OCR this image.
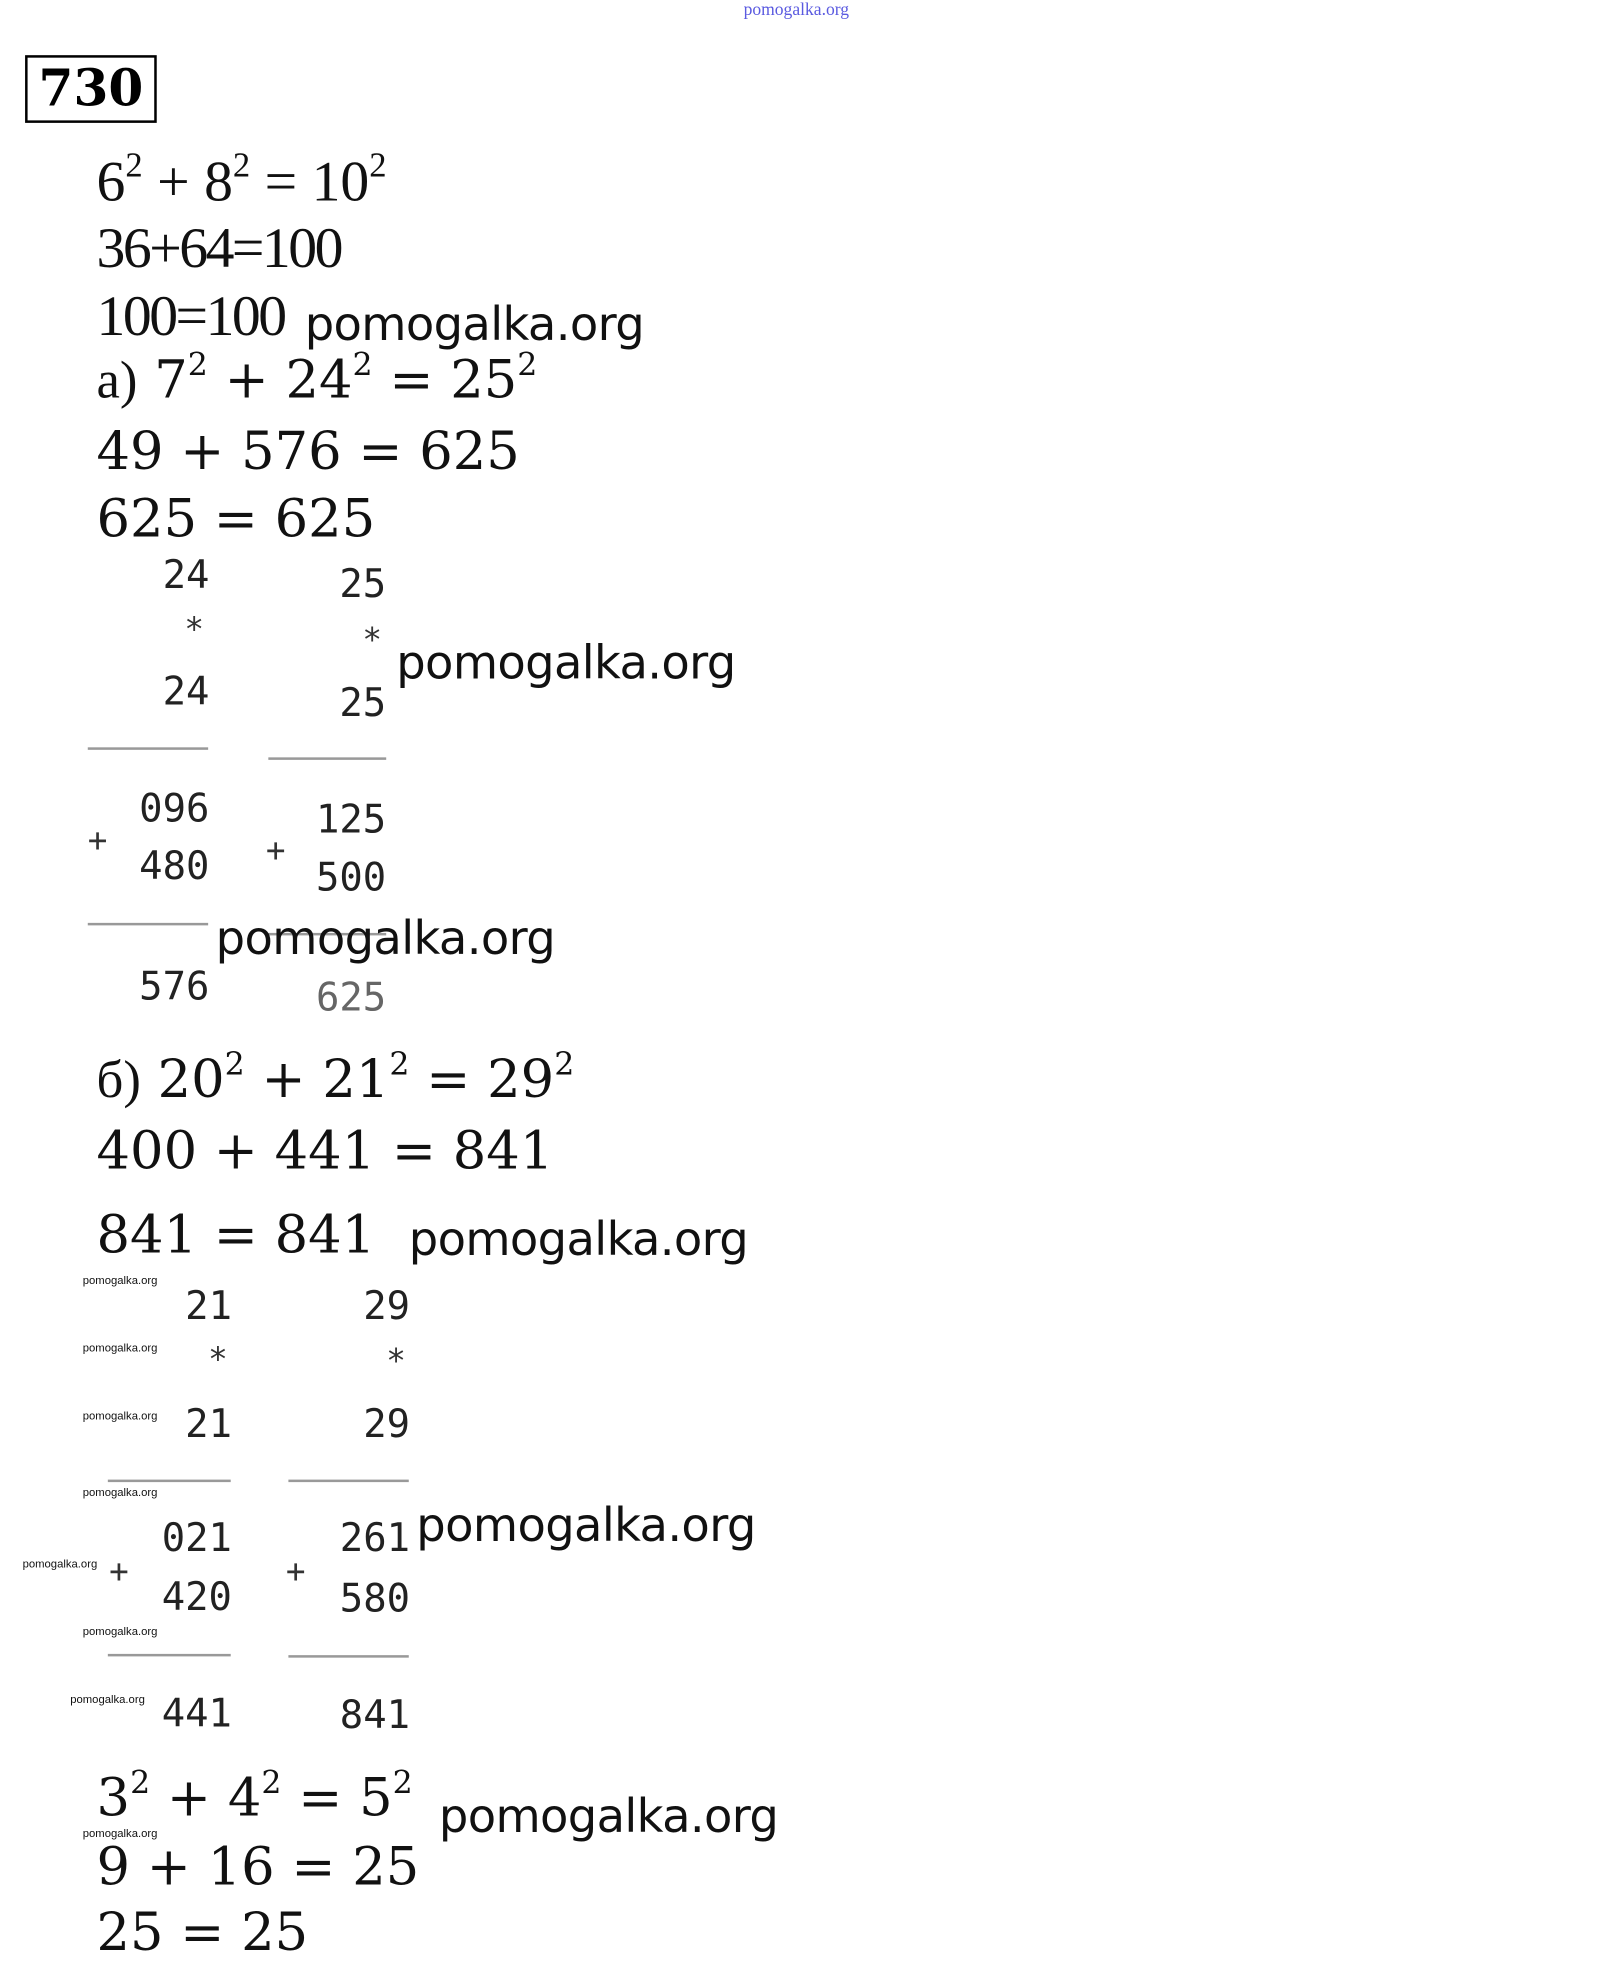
pomogalka.org
730
$6^2 + 8^2 = 10^2$
36+64=100
100=100
а) $7^2 + 24^2 = 25^2$
49 + 576 = 625
625 = 625
24
*
24
096
+
480
576
25
*
25
125
+
500
625
б) $20^2 + 21^2 = 29^2$
400 + 441 = 841
841 = 841
21
*
21
021
+
420
441
29
*
29
261
+
580
841
$3^2 + 4^2 = 5^2$
9 + 16 = 25
25 = 25
pomogalka.org
pomogalka.org
pomogalka.org
pomogalka.org
pomogalka.org
pomogalka.org
pomogalka.org
pomogalka.org
pomogalka.org
pomogalka.org
pomogalka.org
pomogalka.org
pomogalka.org
pomogalka.org
